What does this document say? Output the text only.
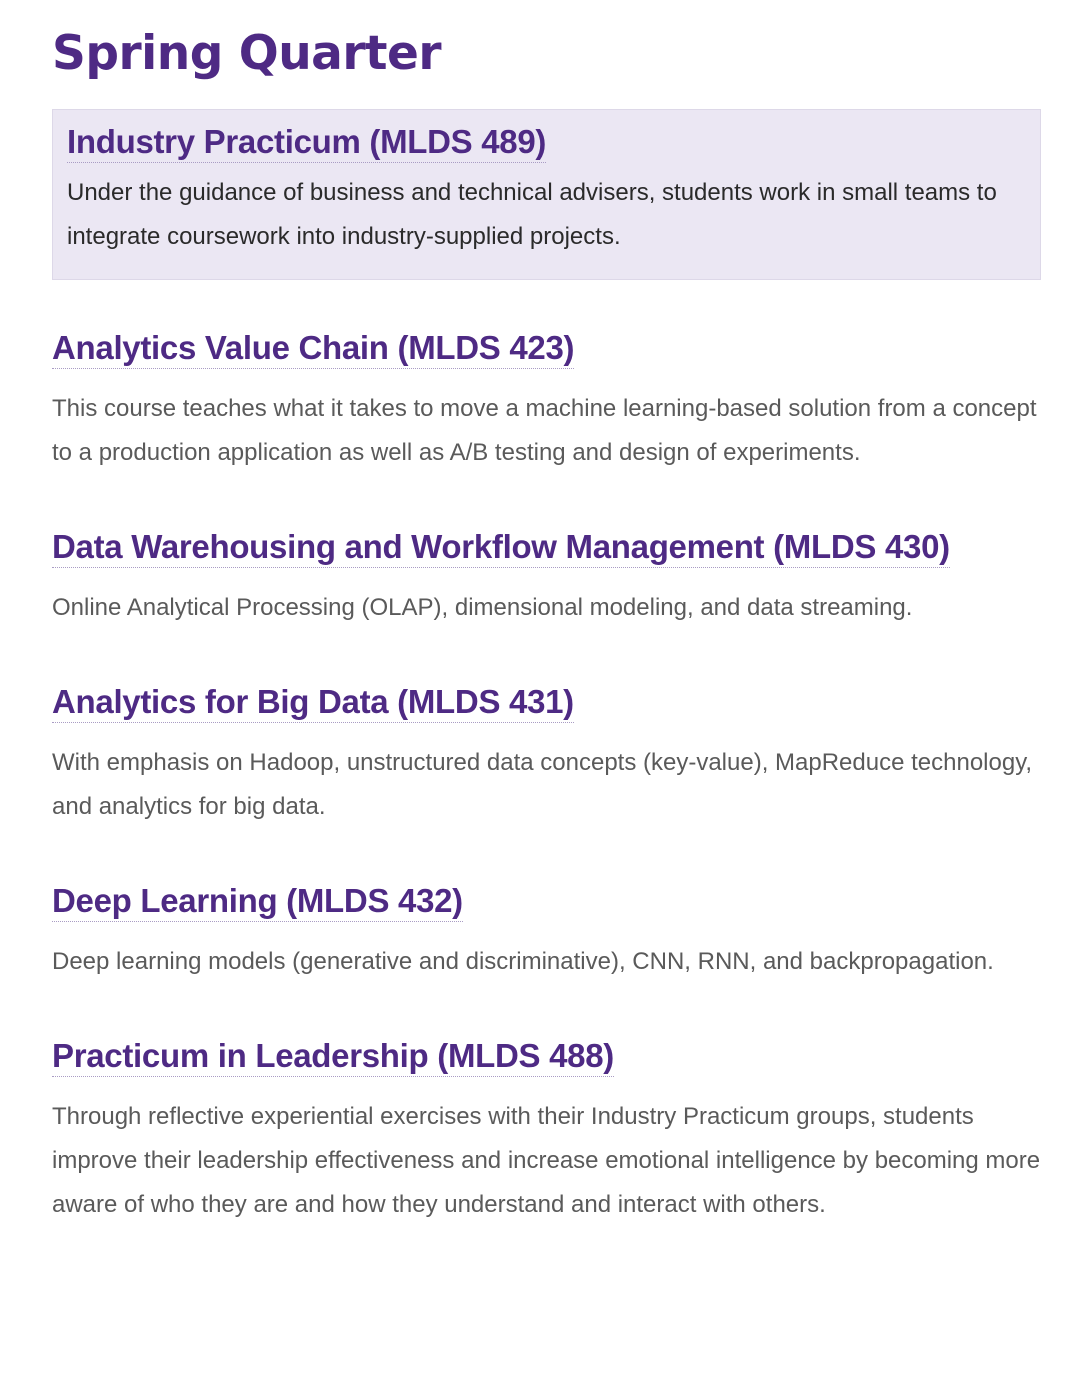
Spring Quarter
Industry Practicum (MLDS 489)

Under the guidance of business and technical advisers, students work in small teams to integrate coursework into industry-supplied projects.

Analytics Value Chain (MLDS 423)

This course teaches what it takes to move a machine learning-based solution from a concept to a production application as well as A/B testing and design of experiments.

Data Warehousing and Workflow Management (MLDS 430)

Online Analytical Processing (OLAP), dimensional modeling, and data streaming.

Analytics for Big Data (MLDS 431)

With emphasis on Hadoop, unstructured data concepts (key-value), MapReduce technology, and analytics for big data.

Deep Learning (MLDS 432)

Deep learning models (generative and discriminative), CNN, RNN, and backpropagation.

Practicum in Leadership (MLDS 488)

Through reflective experiential exercises with their Industry Practicum groups, students improve their leadership effectiveness and increase emotional intelligence by becoming more aware of who they are and how they understand and interact with others.
